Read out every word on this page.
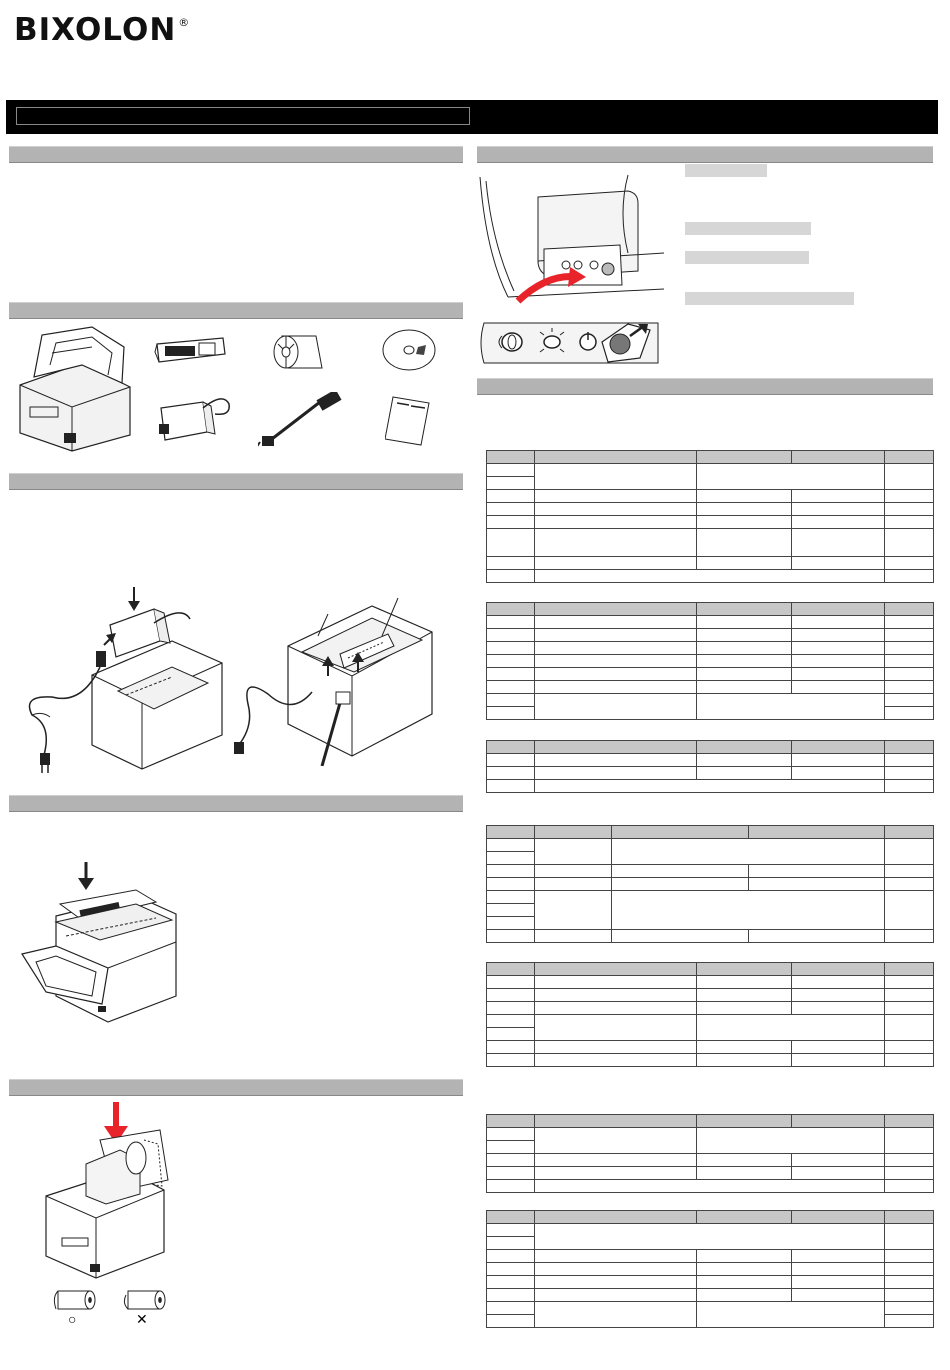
BIXOLON ®
○	✕
